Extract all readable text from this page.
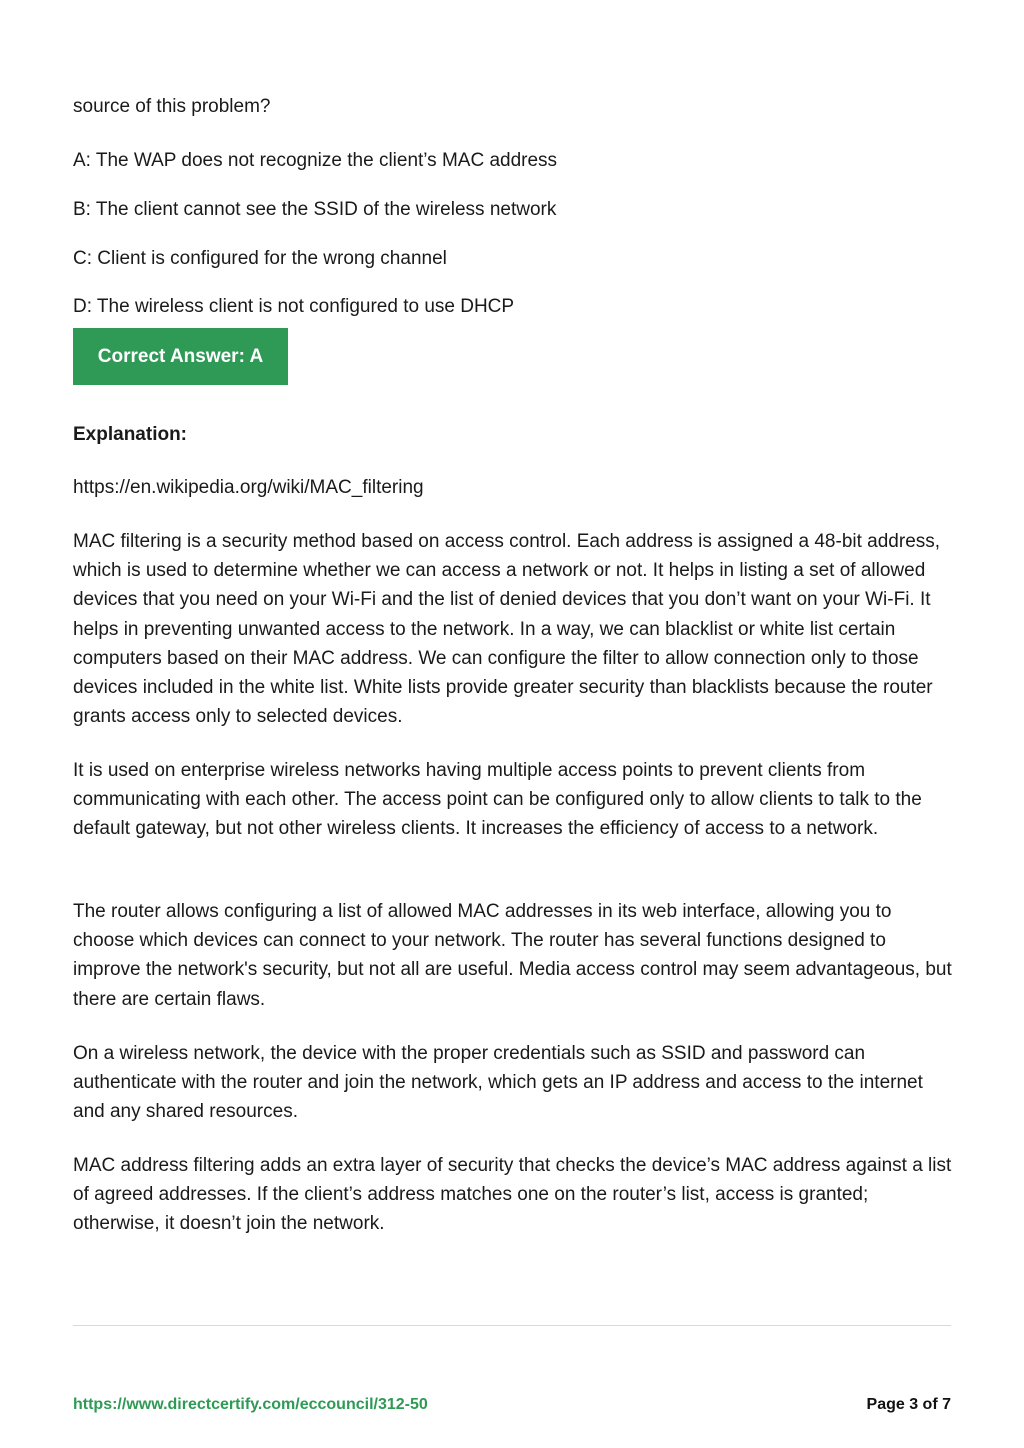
source of this problem?
A: The WAP does not recognize the client’s MAC address
B: The client cannot see the SSID of the wireless network
C: Client is configured for the wrong channel
D: The wireless client is not configured to use DHCP
Correct Answer: A
Explanation:
https://en.wikipedia.org/wiki/MAC_filtering
MAC filtering is a security method based on access control. Each address is assigned a 48-bit address, which is used to determine whether we can access a network or not. It helps in listing a set of allowed devices that you need on your Wi-Fi and the list of denied devices that you don’t want on your Wi-Fi. It helps in preventing unwanted access to the network. In a way, we can blacklist or white list certain computers based on their MAC address. We can configure the filter to allow connection only to those devices included in the white list. White lists provide greater security than blacklists because the router grants access only to selected devices.
It is used on enterprise wireless networks having multiple access points to prevent clients from communicating with each other. The access point can be configured only to allow clients to talk to the default gateway, but not other wireless clients. It increases the efficiency of access to a network.
The router allows configuring a list of allowed MAC addresses in its web interface, allowing you to choose which devices can connect to your network. The router has several functions designed to improve the network's security, but not all are useful. Media access control may seem advantageous, but there are certain flaws.
On a wireless network, the device with the proper credentials such as SSID and password can authenticate with the router and join the network, which gets an IP address and access to the internet and any shared resources.
MAC address filtering adds an extra layer of security that checks the device’s MAC address against a list of agreed addresses. If the client’s address matches one on the router’s list, access is granted; otherwise, it doesn’t join the network.
https://www.directcertify.com/eccouncil/312-50	Page 3 of 7
